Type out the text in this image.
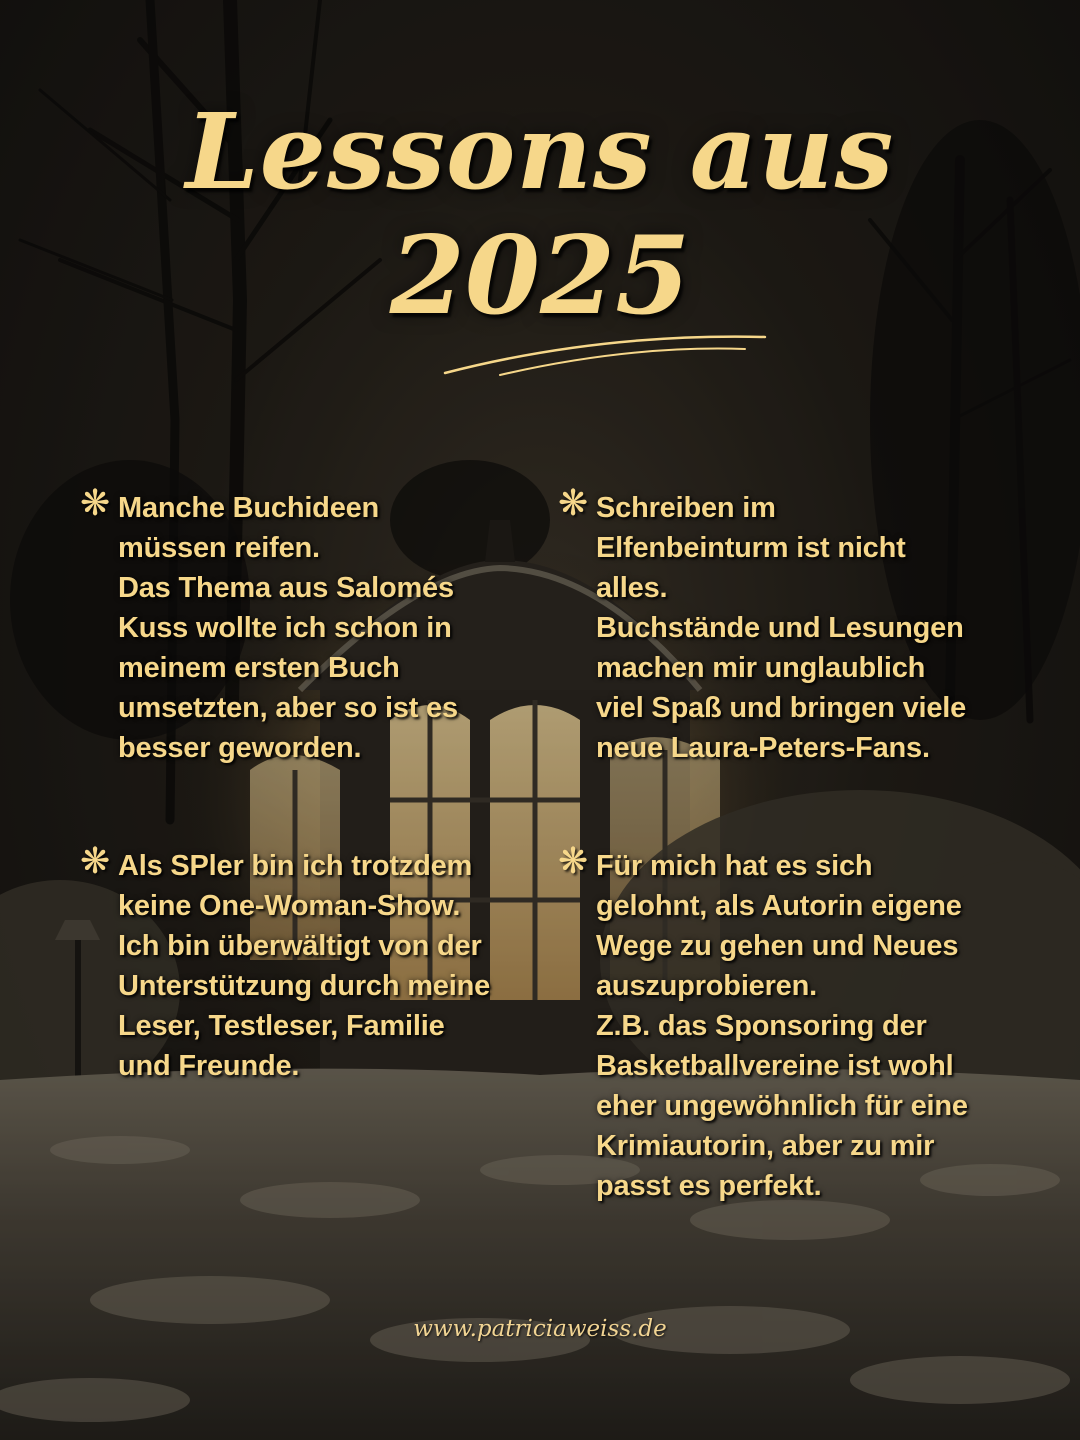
Lessons aus
2025
❋ Manche Buchideen
müssen reifen.
Das Thema aus Salomés
Kuss wollte ich schon in
meinem ersten Buch
umsetzten, aber so ist es
besser geworden.

❋ Schreiben im
Elfenbeinturm ist nicht
alles.
Buchstände und Lesungen
machen mir unglaublich
viel Spaß und bringen viele
neue Laura-Peters-Fans.

❋ Als SPler bin ich trotzdem
keine One-Woman-Show.
Ich bin überwältigt von der
Unterstützung durch meine
Leser, Testleser, Familie
und Freunde.

❋ Für mich hat es sich
gelohnt, als Autorin eigene
Wege zu gehen und Neues
auszuprobieren.
Z.B. das Sponsoring der
Basketballvereine ist wohl
eher ungewöhnlich für eine
Krimiautorin, aber zu mir
passt es perfekt.

www.patriciaweiss.de
